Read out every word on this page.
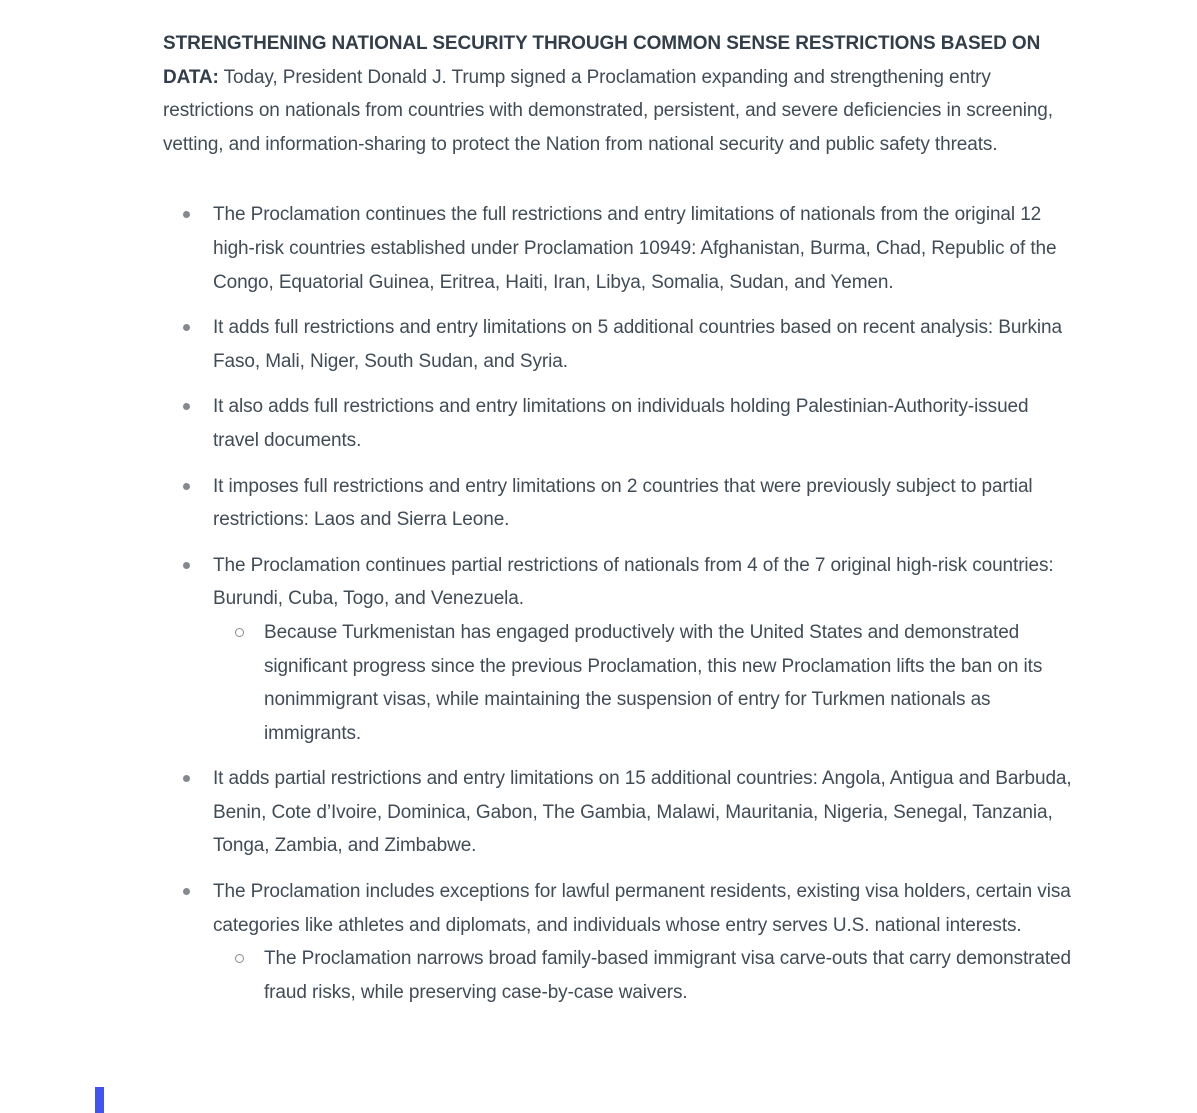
STRENGTHENING NATIONAL SECURITY THROUGH COMMON SENSE RESTRICTIONS BASED ON DATA: Today, President Donald J. Trump signed a Proclamation expanding and strengthening entry restrictions on nationals from countries with demonstrated, persistent, and severe deficiencies in screening, vetting, and information-sharing to protect the Nation from national security and public safety threats.

The Proclamation continues the full restrictions and entry limitations of nationals from the original 12 high-risk countries established under Proclamation 10949: Afghanistan, Burma, Chad, Republic of the Congo, Equatorial Guinea, Eritrea, Haiti, Iran, Libya, Somalia, Sudan, and Yemen.
It adds full restrictions and entry limitations on 5 additional countries based on recent analysis: Burkina Faso, Mali, Niger, South Sudan, and Syria.
It also adds full restrictions and entry limitations on individuals holding Palestinian-Authority-issued travel documents.
It imposes full restrictions and entry limitations on 2 countries that were previously subject to partial restrictions: Laos and Sierra Leone.
The Proclamation continues partial restrictions of nationals from 4 of the 7 original high-risk countries: Burundi, Cuba, Togo, and Venezuela.
Because Turkmenistan has engaged productively with the United States and demonstrated significant progress since the previous Proclamation, this new Proclamation lifts the ban on its nonimmigrant visas, while maintaining the suspension of entry for Turkmen nationals as immigrants.
It adds partial restrictions and entry limitations on 15 additional countries: Angola, Antigua and Barbuda, Benin, Cote d’Ivoire, Dominica, Gabon, The Gambia, Malawi, Mauritania, Nigeria, Senegal, Tanzania, Tonga, Zambia, and Zimbabwe.
The Proclamation includes exceptions for lawful permanent residents, existing visa holders, certain visa categories like athletes and diplomats, and individuals whose entry serves U.S. national interests.
The Proclamation narrows broad family-based immigrant visa carve-outs that carry demonstrated fraud risks, while preserving case-by-case waivers.
